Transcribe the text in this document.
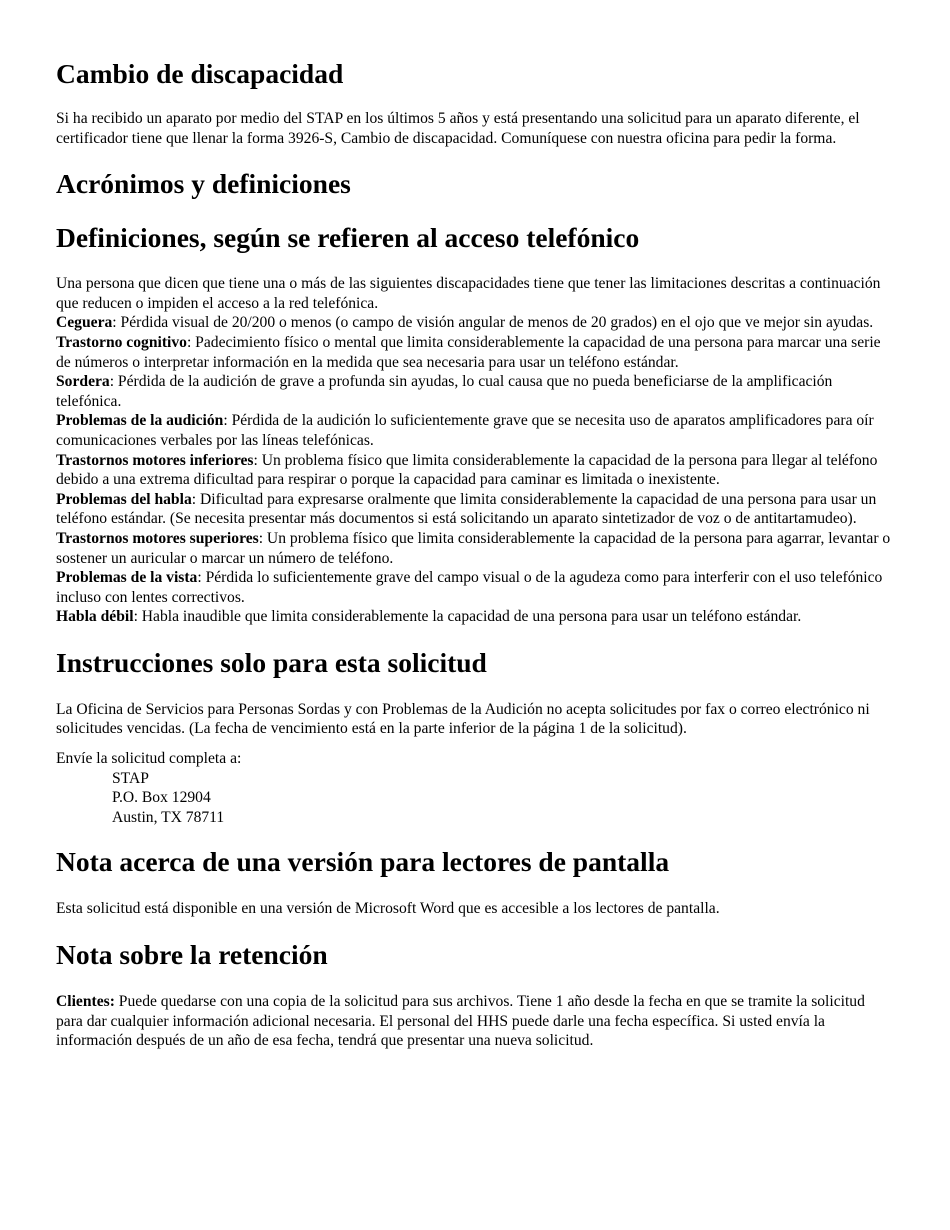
Cambio de discapacidad

Si ha recibido un aparato por medio del STAP en los últimos 5 años y está presentando una solicitud para un aparato diferente, el certificador tiene que llenar la forma 3926-S, Cambio de discapacidad. Comuníquese con nuestra oficina para pedir la forma.

Acrónimos y definiciones
Definiciones, según se refieren al acceso telefónico
Una persona que dicen que tiene una o más de las siguientes discapacidades tiene que tener las limitaciones descritas a continuación que reducen o impiden el acceso a la red telefónica.
Ceguera: Pérdida visual de 20/200 o menos (o campo de visión angular de menos de 20 grados) en el ojo que ve mejor sin ayudas.
Trastorno cognitivo: Padecimiento físico o mental que limita considerablemente la capacidad de una persona para marcar una serie de números o interpretar información en la medida que sea necesaria para usar un teléfono estándar.
Sordera: Pérdida de la audición de grave a profunda sin ayudas, lo cual causa que no pueda beneficiarse de la amplificación telefónica.
Problemas de la audición: Pérdida de la audición lo suficientemente grave que se necesita uso de aparatos amplificadores para oír comunicaciones verbales por las líneas telefónicas.
Trastornos motores inferiores: Un problema físico que limita considerablemente la capacidad de la persona para llegar al teléfono debido a una extrema dificultad para respirar o porque la capacidad para caminar es limitada o inexistente.
Problemas del habla: Dificultad para expresarse oralmente que limita considerablemente la capacidad de una persona para usar un teléfono estándar. (Se necesita presentar más documentos si está solicitando un aparato sintetizador de voz o de antitartamudeo).
Trastornos motores superiores: Un problema físico que limita considerablemente la capacidad de la persona para agarrar, levantar o sostener un auricular o marcar un número de teléfono.
Problemas de la vista: Pérdida lo suficientemente grave del campo visual o de la agudeza como para interferir con el uso telefónico incluso con lentes correctivos.
Habla débil: Habla inaudible que limita considerablemente la capacidad de una persona para usar un teléfono estándar.
Instrucciones solo para esta solicitud

La Oficina de Servicios para Personas Sordas y con Problemas de la Audición no acepta solicitudes por fax o correo electrónico ni solicitudes vencidas. (La fecha de vencimiento está en la parte inferior de la página 1 de la solicitud).

Envíe la solicitud completa a:

STAP
P.O. Box 12904
Austin, TX 78711
Nota acerca de una versión para lectores de pantalla

Esta solicitud está disponible en una versión de Microsoft Word que es accesible a los lectores de pantalla.

Nota sobre la retención

Clientes: Puede quedarse con una copia de la solicitud para sus archivos. Tiene 1 año desde la fecha en que se tramite la solicitud para dar cualquier información adicional necesaria. El personal del HHS puede darle una fecha específica. Si usted envía la información después de un año de esa fecha, tendrá que presentar una nueva solicitud.
